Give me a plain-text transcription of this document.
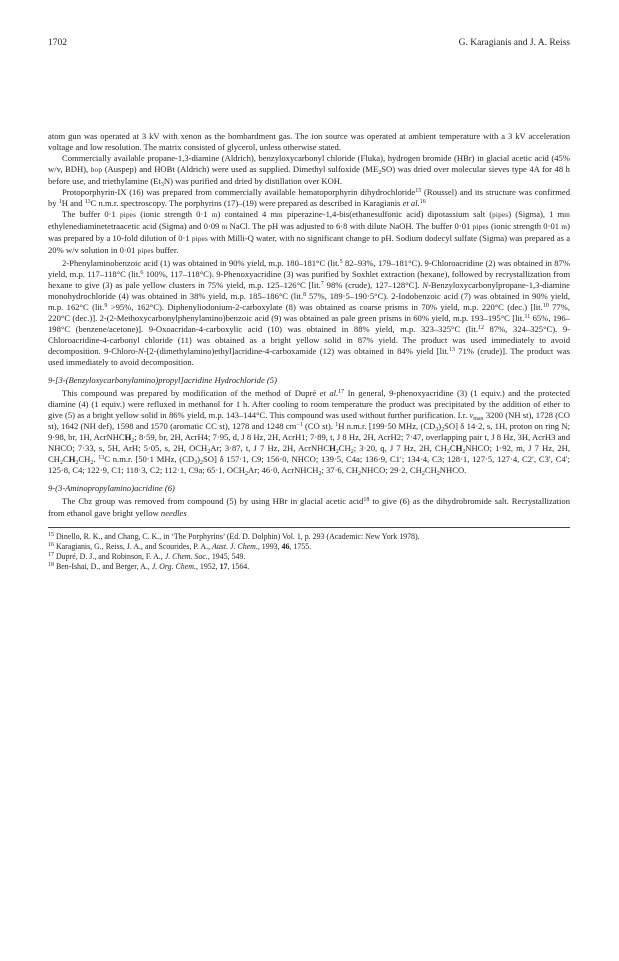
1702	G. Karagianis and J. A. Reiss

atom gun was operated at 3 kV with xenon as the bombardment gas. The ion source was operated at ambient temperature with a 3 kV acceleration voltage and low resolution. The matrix consisted of glycerol, unless otherwise stated.

Commercially available propane-1,3-diamine (Aldrich), benzyloxycarbonyl chloride (Fluka), hydrogen bromide (HBr) in glacial acetic acid (45% w/v, BDH), bop (Auspep) and HOBt (Aldrich) were used as supplied. Dimethyl sulfoxide $(ME_2SO)$ was dried over molecular sieves type 4A for 48 h before use, and triethylamine $(Et_3N)$ was purified and dried by distillation over KOH.

Protoporphyrin-IX (16) was prepared from commercially available hematoporphyrin dihydrochloride$^{15}$ (Roussel) and its structure was confirmed by $^1$H and $^{13}$C n.m.r. spectroscopy. The porphyrins (17)–(19) were prepared as described in Karagianis et al.$^{16}$

The buffer 0·1 pipes (ionic strength 0·1 m) contained 4 mm piperazine-1,4-bis(ethanesulfonic acid) dipotassium salt (pipes) (Sigma), 1 mm ethylenediaminetetraacetic acid (Sigma) and 0·09 m NaCl. The pH was adjusted to 6·8 with dilute NaOH. The buffer 0·01 pipes (ionic strength 0·01 m) was prepared by a 10-fold dilution of 0·1 pipes with Milli-Q water, with no significant change to pH. Sodium dodecyl sulfate (Sigma) was prepared as a 20% w/v solution in 0·01 pipes buffer.

2-Phenylaminobenzoic acid (1) was obtained in 90% yield, m.p. 180–181°C (lit.$^5$ 82–93%, 179–181°C). 9-Chloroacridine (2) was obtained in 87% yield, m.p. 117–118°C (lit.$^6$ 100%, 117–118°C). 9-Phenoxyacridine (3) was purified by Soxhlet extraction (hexane), followed by recrystallization from hexane to give (3) as pale yellow clusters in 75% yield, m.p. 125–126°C [lit.$^7$ 98% (crude), 127–128°C]. N-Benzyloxycarbonylpropane-1,3-diamine monohydrochloride (4) was obtained in 38% yield, m.p. 185–186°C (lit.$^8$ 57%, 189·5–190·5°C). 2-Iodobenzoic acid (7) was obtained in 90% yield, m.p. 162°C (lit.$^9$ >95%, 162°C). Diphenyliodonium-2-carboxylate (8) was obtained as coarse prisms in 70% yield, m.p. 220°C (dec.) [lit.$^{10}$ 77%, 220°C (dec.)]. 2-(2-Methoxycarbonylphenylamino)benzoic acid (9) was obtained as pale green prisms in 60% yield, m.p. 193–195°C [lit.$^{11}$ 65%, 196–198°C (benzene/acetone)]. 9-Oxoacridan-4-carboxylic acid (10) was obtained in 88% yield, m.p. 323–325°C (lit.$^{12}$ 87%, 324–325°C). 9-Chloroacridine-4-carbonyl chloride (11) was obtained as a bright yellow solid in 87% yield. The product was used immediately to avoid decomposition. 9-Chloro-N-[2-(dimethylamino)ethyl]acridine-4-carboxamide (12) was obtained in 84% yield [lit.$^{13}$ 71% (crude)]. The product was used immediately to avoid decomposition.

9-[3-(Benzyloxycarbonylamino)propyl]acridine Hydrochloride (5)

This compound was prepared by modification of the method of Dupré et al.$^{17}$ In general, 9-phenoxyacridine (3) (1 equiv.) and the protected diamine (4) (1 equiv.) were refluxed in methanol for 1 h. After cooling to room temperature the product was precipitated by the addition of ether to give (5) as a bright yellow solid in 86% yield, m.p. 143–144°C. This compound was used without further purification. I.r. $\nu_{max}$ 3200 (NH st), 1728 (CO st), 1642 (NH def), 1598 and 1570 (aromatic CC st), 1278 and 1248 $cm^{-1}$ (CO st). $^1$H n.m.r. [199·50 MHz, $(CD_3)_2SO$] δ 14·2, s, 1H, proton on ring N; 9·98, br, 1H, AcrNHCH$_2$; 8·59, br, 2H, AcrH4; 7·95, d, J 8 Hz, 2H, AcrH1; 7·89, t, J 8 Hz, 2H, AcrH2; 7·47, overlapping pair t, J 8 Hz, 3H, AcrH3 and NHCO; 7·33, s, 5H, ArH; 5·05, s, 2H, $OCH_2Ar$; 3·87, t, J 7 Hz, 2H, $AcrNHCH_2CH_2$; 3·20, q, J 7 Hz, 2H, $CH_2CH_2NHCO$; 1·92, m, J 7 Hz, 2H, $CH_2CH_2CH_2$. $^{13}$C n.m.r. [50·1 MHz, $(CD_3)_2SO$] δ 157·1, C9; 156·0, NHCO; 139·5, C4a; 136·9, C1′; 134·4, C3; 128·1, 127·5, 127·4, C2′, C3′, C4′; 125·8, C4; 122·9, C1; 118·3, C2; 112·1, C9a; 65·1, $OCH_2Ar$; 46·0, AcrNHCH$_2$; 37·6, $CH_2NHCO$; 29·2, $CH_2CH_2NHCO$.

9-(3-Aminopropylamino)acridine (6)

The Cbz group was removed from compound (5) by using HBr in glacial acetic acid$^{18}$ to give (6) as the dihydrobromide salt. Recrystallization from ethanol gave bright yellow needles

$^{15}$ Dinello, R. K., and Chang, C. K., in ‘The Porphyrins’ (Ed. D. Dolphin) Vol. 1, p. 293 (Academic: New York 1978).

$^{16}$ Karagianis, G., Reiss, J. A., and Scourides, P. A., Aust. J. Chem., 1993, 46, 1755.

$^{17}$ Dupré, D. J., and Robinson, F. A., J. Chem. Soc., 1945, 549.

$^{18}$ Ben-Ishai, D., and Berger, A., J. Org. Chem., 1952, 17, 1564.
